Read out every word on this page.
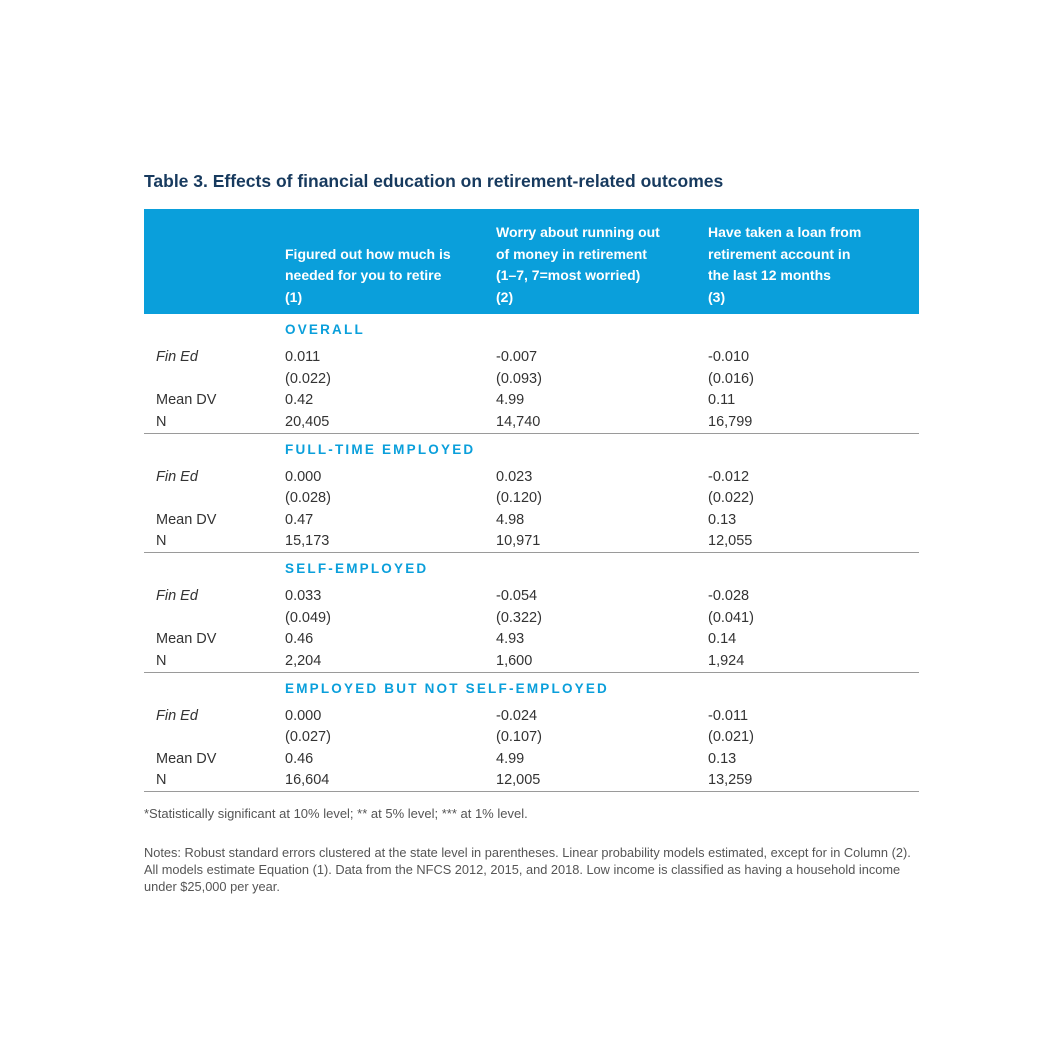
Table 3. Effects of financial education on retirement-related outcomes
Figured out how much is
needed for you to retire
(1)
Worry about running out
of money in retirement
(1–7, 7=most worried)
(2)
Have taken a loan from
retirement account in
the last 12 months
(3)
OVERALL
Fin Ed	0.011	-0.007	-0.010
(0.022)	(0.093)	(0.016)
Mean DV	0.42	4.99	0.11
N	20,405	14,740	16,799
FULL-TIME EMPLOYED
Fin Ed	0.000	0.023	-0.012
(0.028)	(0.120)	(0.022)
Mean DV	0.47	4.98	0.13
N	15,173	10,971	12,055
SELF-EMPLOYED
Fin Ed	0.033	-0.054	-0.028
(0.049)	(0.322)	(0.041)
Mean DV	0.46	4.93	0.14
N	2,204	1,600	1,924
EMPLOYED BUT NOT SELF-EMPLOYED
Fin Ed	0.000	-0.024	-0.011
(0.027)	(0.107)	(0.021)
Mean DV	0.46	4.99	0.13
N	16,604	12,005	13,259
*Statistically significant at 10% level; ** at 5% level; *** at 1% level.
Notes: Robust standard errors clustered at the state level in parentheses. Linear probability models estimated, except for in Column (2).
All models estimate Equation (1). Data from the NFCS 2012, 2015, and 2018. Low income is classified as having a household income
under $25,000 per year.
